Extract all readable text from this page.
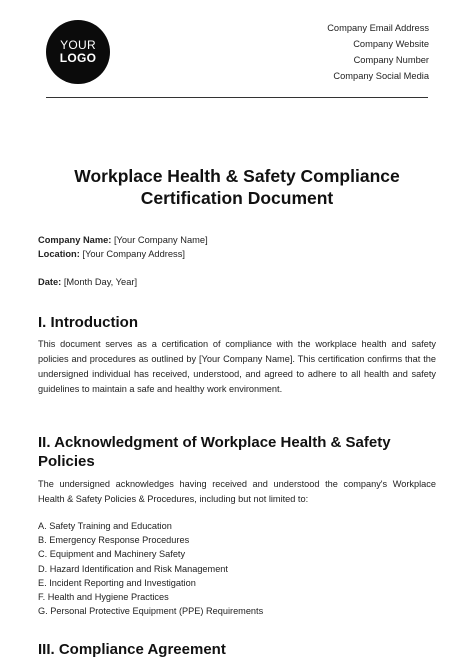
YOUR
LOGO
Company Email Address
Company Website
Company Number
Company Social Media
Workplace Health & Safety Compliance
Certification Document
Company Name: [Your Company Name]
Location: [Your Company Address]
Date: [Month Day, Year]
I. Introduction

This document serves as a certification of compliance with the workplace health and safety policies and procedures as outlined by [Your Company Name]. This certification confirms that the undersigned individual has received, understood, and agreed to adhere to all health and safety guidelines to maintain a safe and healthy work environment.

II. Acknowledgment of Workplace Health & Safety
Policies

The undersigned acknowledges having received and understood the company's Workplace Health & Safety Policies & Procedures, including but not limited to:

A. Safety Training and Education
B. Emergency Response Procedures
C. Equipment and Machinery Safety
D. Hazard Identification and Risk Management
E. Incident Reporting and Investigation
F. Health and Hygiene Practices
G. Personal Protective Equipment (PPE) Requirements
III. Compliance Agreement
